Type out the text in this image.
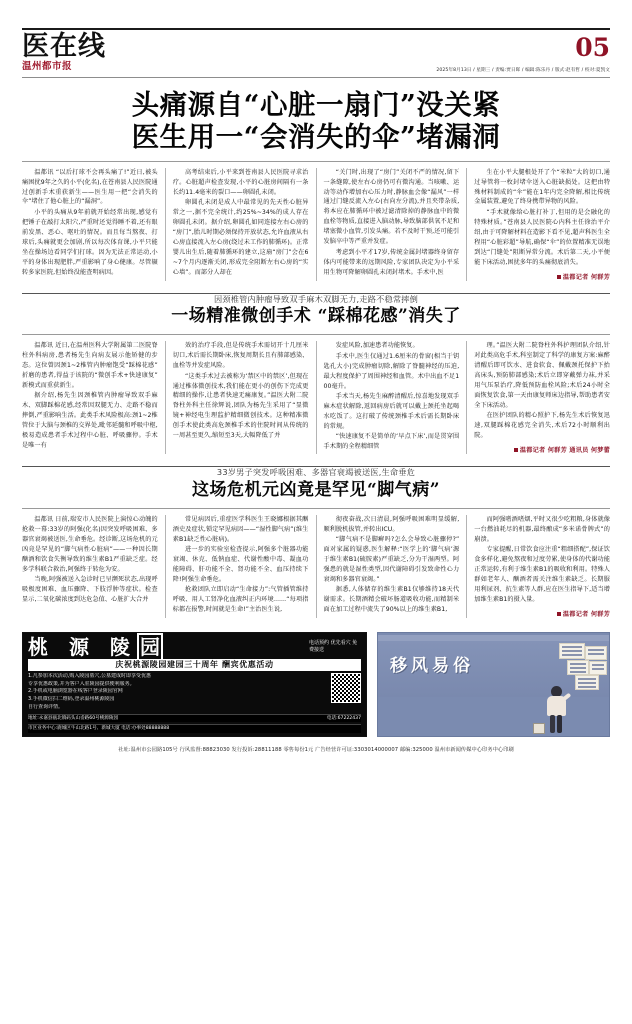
医在线
温州都市报
05
2025年8月13日 / 星期三 / 责编:贾日晖 / 编辑:陈乐丹 / 版式:赵有哲 / 校对:夏凯文
头痛源自“心脏一扇门”没关紧
医生用一“会消失的伞”堵漏洞

温都讯 “以后打球不会再头痛了!”近日,被头痛困扰9年之久的小平(化名),在苍南县人民医院通过创新手术重获新生——医生用一把“会消失的伞”堵住了他心脏上的“漏洞”。

小平的头痛从9年前就开始经常出现,感觉有把锤子在敲打太阳穴,严重时还觉得睡不着,还有眼前发黑、恶心、呕吐的情况。而且每当熬夜、打球后,头痛就更会加剧,所以每次体育课,小平只能坐在操场边看同学们打球。因为无法正常运动,小平的身体出现肥胖,严重影响了身心健康。尽管辗转多家医院,但始终没能查明病因。

高考结束后,小平来到苍南县人民医院寻求治疗。心脏超声检查发现,小平的心脏房间隔有一条长约11.4毫米的裂口——卵圆孔未闭。

卵圆孔未闭是成人中最常见的先天性心脏异常之一,据不完全统计,约25%~34%的成人存在卵圆孔未闭。据介绍,卵圆孔如同连接左右心房的“房门”,胎儿时期必须保持开放状态,允许血液从右心房直接流入左心房(绕过未工作的肺循环)。正常婴儿出生后,随着肺循环的建立,这扇“房门”会在6~7个月内逐渐关闭,形成完全阻断左右心房的“实心墙”。而部分人却在

“关门时,出现了“房门”关闭不严的情况,留下一条缝隙,使左右心房仍可有微沟通。当咳嗽、运动等动作增加右心压力时,静脉血会像“漏风”一样通过门缝反流入左心(右向左分流),并且夹带杂质,将本应在肺循环中被过滤清除掉的静脉血中的微血栓等物质,直接进入脑动脉,导致脑部供氧不足和堵塞微小血管,引发头痛。若不及时干预,还可能引发脑卒中等严重并发症。

考虑到小平才17岁,传统金属封堵器终身留存体内可能带来的远期风险,专家团队决定为小平采用生物可降解卵圆孔未闭封堵术。手术中,医

生在小平大腿根处开了个“米粒”大的切口,通过导管将一枚封堵伞送入心脏缺损处。这把由特殊材料制成的“伞”能在1年内完全降解,相比传统金属装置,避免了终身携带异物的风险。

“手术就像给心脏打补丁,但用的是会融化的特殊材质。”苍南县人民医院心内科主任徐治平介绍,由于可降解材料在造影下看不见,超声科医生全程用“心脏彩超”导航,确保“伞”的位置精准无误地到达“门缝处”阻断异常分流。术后第二天,小平便能下床活动,困扰多年的头痛彻底消失。

温都记者 何群芳
因颈椎管内肿瘤导致双手麻木双脚无力,走路不稳常摔倒
一场精准微创手术 “踩棉花感”消失了

温都讯 近日,在温州医科大学附属第二医院脊柱外科病房,患者杨先生向病友展示他矫健的步态。这位曾因颈1~2椎管内肿瘤饱受“踩棉花感”折磨的患者,得益于该院的“微创手术+快速康复”新模式而重获新生。

据介绍,杨先生因颈椎管内肿瘤导致双手麻木、双脚踩棉花感,经常因双腿无力、走路不稳而摔倒,严重影响生活。此类手术风险极高:颈1~2椎管位于大脑与颈椎的交界处,毗邻延髓和呼吸中枢,极易造成患者手术过程中心脏、呼吸骤停。手术是唯一有

效的治疗手段,但是传统手术需切开十几厘米切口,术后需长期卧床,恢复周期长且有肺部感染、血栓等并发症风险。

“这类手术过去被称为‘禁区中的禁区’,但现在通过椎体微创技术,我们能在更小的创伤下完成更精细的操作,让患者快速无痛康复。”温医大附二院脊柱外科主任徐辉说,团队为杨先生采用了“显微镜+神经电生理监护精细微创技术。这种精准微创手术使此类高危颈椎手术的住院时间从传统的一周甚至更久,缩短至3天,大幅降低了并

发症风险,加速患者功能恢复。

手术中,医生仅通过1.6厘米的骨窗(相当于钥匙孔大小)完成肿瘤切除,解除了脊髓神经的压迫,最大程度保护了周围神经和血管。术中出血不足100毫升。

手术当天,杨先生麻醉清醒后,惊喜地发现双手麻木症状解除,返回病房后就可以戴上颈托坐起喝水吃饭了。这打破了传统颈椎手术后需长期卧床的常规。

“快速康复不是简单的‘早点下床’,而是贯穿围手术期的全程精细管

理。”温医大附二院脊柱外科护理团队介绍,针对此类高危手术,科室制定了科学的康复方案:麻醉清醒后即可饮水、进食软食、佩戴颈托保护下抬高床头,预防肺部感染;术后立即穿戴弹力袜,并采用气压泵治疗,降低预防血栓风险;术后24小时全面恢复饮食,第一天由康复师床边指导,帮助患者安全下床活动。

在医护团队的精心照护下,杨先生术后恢复迅速,双腿踩棉花感完全消失,术后72小时顺利出院。

温都记者 何群芳 通讯员 何梦蕾
33岁男子突发呼吸困难、多器官衰竭被送医,生命垂危
这场危机元凶竟是罕见“脚气病”

温都讯 日前,瑞安市人民医院上演惊心动魄的抢救一幕:33岁的阿强(化名)因突发呼吸困难、多器官衰竭被送医,生命垂危。经诊断,这场危机的元凶竟是罕见的“脚气病性心脏病”——一种因长期酗酒和饮食失衡导致的维生素B1严重缺乏症。经多学科联合救治,阿强终于转危为安。

当晚,阿强被送入急诊时已呈濒死状态,出现呼吸极度困难、血压骤降、下肢浮肿等症状。检查显示,二氧化碳浓度到达危急值、心脏扩大合并

常见病因后,重症医学科医生王晓娜根据其酗酒史及症状,锁定罕见病因——“湿性脚气病”(维生素B1缺乏性心脏病)。

进一步的实验室检查提示,阿强多个脏器功能衰竭、休克、低钠血症、代谢性酸中毒、凝血功能障碍、肝功能不全、肾功能不全、血压持续下降!阿强生命垂危。

抢救团队立即启动“生命接力”:气管插管维持呼吸、用人工肾净化血液纠正内环境……“每项指标都在报警,时间就是生命!”主治医生说,

彻夜奋战,次日清晨,阿强呼吸困难明显缓解,顺利脱机拔管,并转出ICU。

“脚气病不是脚癣吗?怎么会导致心脏骤停?”面对家属的疑惑,医生解释:“医学上的‘脚气病’源于维生素B1(硫胺素)严重缺乏,分为干湿两型。阿强患的就是湿性类型,因代谢障碍引发致命性心力衰竭和多器官衰竭。”

据悉,人体储存的维生素B1仅够维持18天代谢需求。长期酒精会破坏肠道吸收功能,而精制米面在加工过程中流失了90%以上的维生素B1,

而阿强嗜酒嗜烟,平时又很少吃粗粮,身体就像一台燃油耗尽的机器,最终酿成“多米诺骨牌式”的崩溃。

专家提醒,日常饮食应注重“粗细搭配”,保证饮食多样化,避免熬夜和过度劳累,使身体的代谢功能正常运转,有利于维生素B1的吸收和利用。特殊人群如老年人、酗酒者需关注维生素缺乏。长期服用利尿剂、抗生素等人群,应在医生指导下,适当增加维生素B1的摄入量。

温都记者 何群芳
桃 源 陵 园	电话预约 优先看穴 免费接送
庆祝桃源陵园建园三十周年 酬宾优惠活动
1.凡参加本次活动,购入陵园墓穴,公墓建成时即享受优惠
专享优惠政策,并为客户入驻陵园提供便利服务。
2.手机或电脑浏览器在线客户登录陵园官网
3.手机微信扫二维码,登录温州桃源陵园
自行查询详情。
地址:永嘉县瓯北镇码头山岙路60号桃源陵园	电话:67222437
市区业务中心:鹿城区牛山北路1号、新城大厦 电话:办事处88888888
移风易俗
社址:温州市公园路105号 行风监督:88823030 发行投诉:28811188 零售每份1元 广告经营许可证:3303014000007 邮编:325000 温州市新闻传媒中心印务中心印刷
